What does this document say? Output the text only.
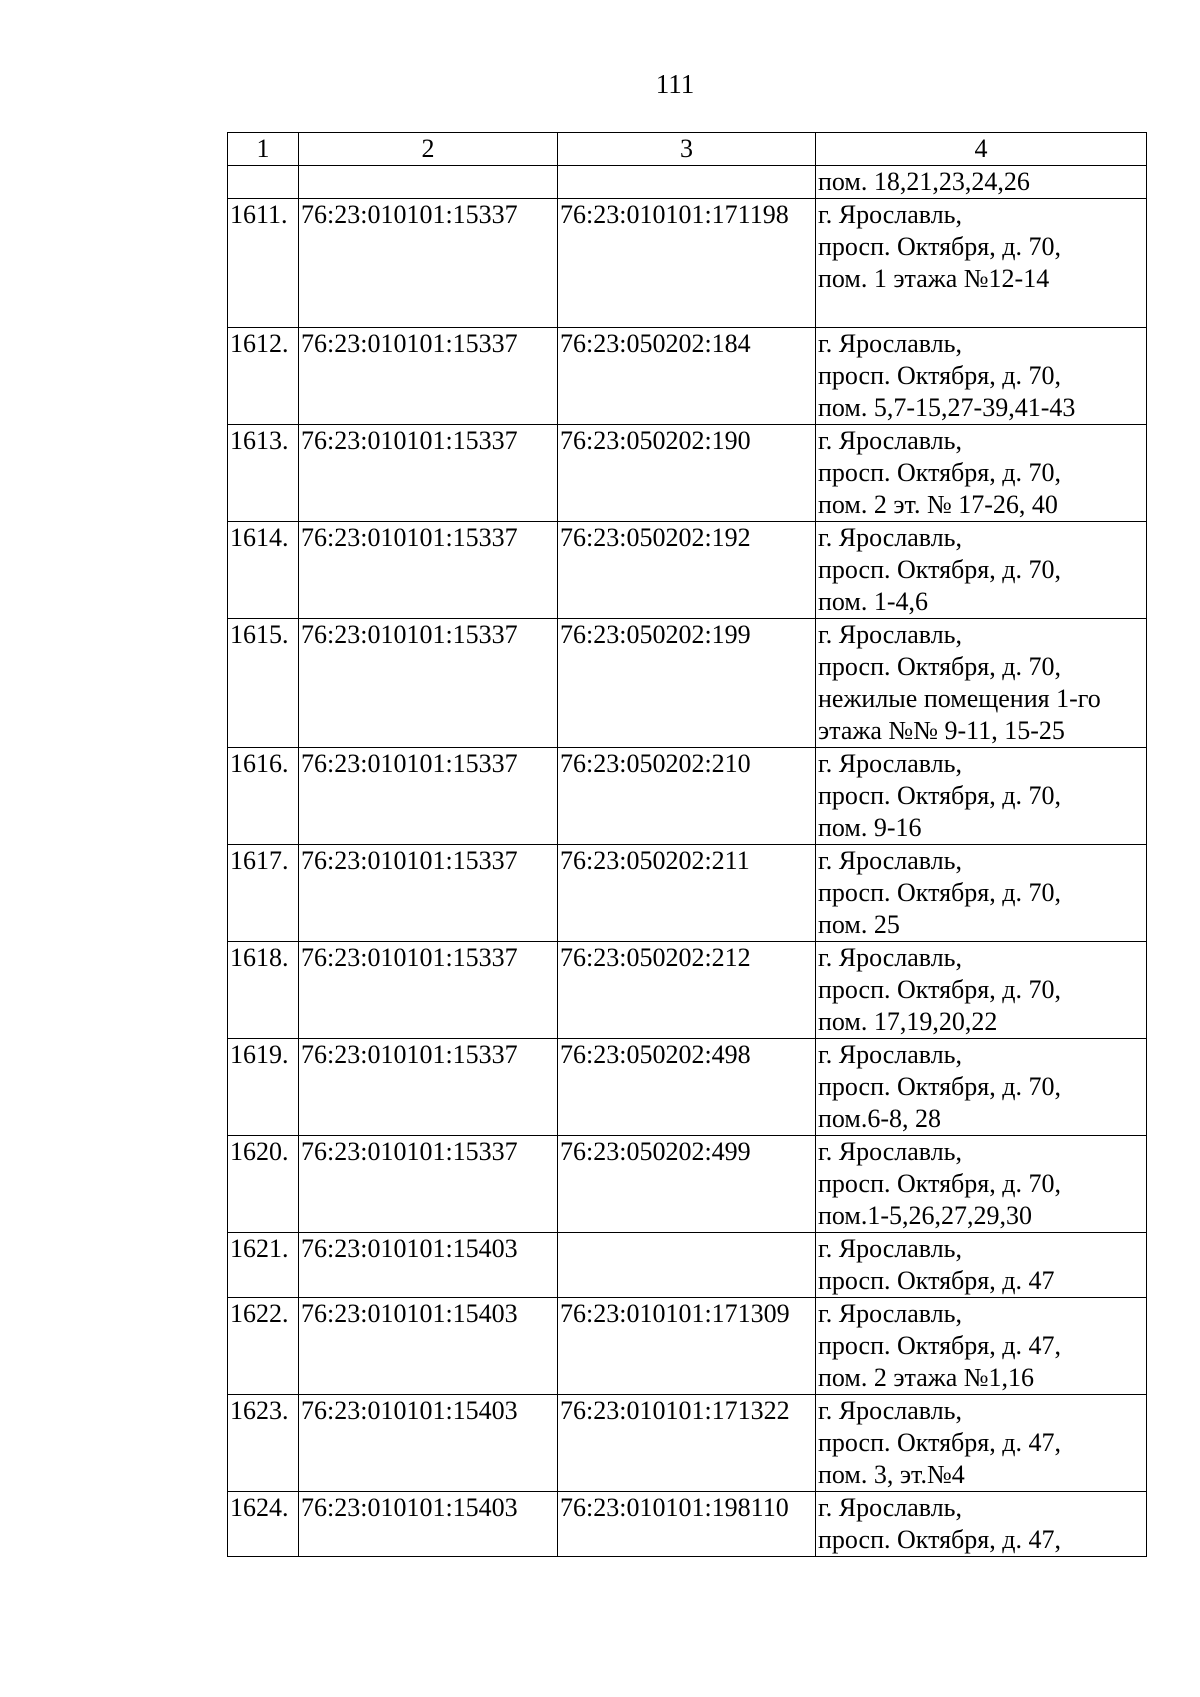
111
1	2	3	4

			пом. 18,21,23,24,26

1611.	76:23:010101:15337	76:23:010101:171198	г. Ярославль,
просп. Октября, д. 70,
пом. 1 этажа №12-14

1612.	76:23:010101:15337	76:23:050202:184	г. Ярославль,
просп. Октября, д. 70,
пом. 5,7-15,27-39,41-43

1613.	76:23:010101:15337	76:23:050202:190	г. Ярославль,
просп. Октября, д. 70,
пом. 2 эт. № 17-26, 40

1614.	76:23:010101:15337	76:23:050202:192	г. Ярославль,
просп. Октября, д. 70,
пом. 1-4,6

1615.	76:23:010101:15337	76:23:050202:199	г. Ярославль,
просп. Октября, д. 70,
нежилые помещения 1-го
этажа №№ 9-11, 15-25

1616.	76:23:010101:15337	76:23:050202:210	г. Ярославль,
просп. Октября, д. 70,
пом. 9-16

1617.	76:23:010101:15337	76:23:050202:211	г. Ярославль,
просп. Октября, д. 70,
пом. 25

1618.	76:23:010101:15337	76:23:050202:212	г. Ярославль,
просп. Октября, д. 70,
пом. 17,19,20,22

1619.	76:23:010101:15337	76:23:050202:498	г. Ярославль,
просп. Октября, д. 70,
пом.6-8, 28

1620.	76:23:010101:15337	76:23:050202:499	г. Ярославль,
просп. Октября, д. 70,
пом.1-5,26,27,29,30

1621.	76:23:010101:15403		г. Ярославль,
просп. Октября, д. 47

1622.	76:23:010101:15403	76:23:010101:171309	г. Ярославль,
просп. Октября, д. 47,
пом. 2 этажа №1,16

1623.	76:23:010101:15403	76:23:010101:171322	г. Ярославль,
просп. Октября, д. 47,
пом. 3, эт.№4

1624.	76:23:010101:15403	76:23:010101:198110	г. Ярославль,
просп. Октября, д. 47,
